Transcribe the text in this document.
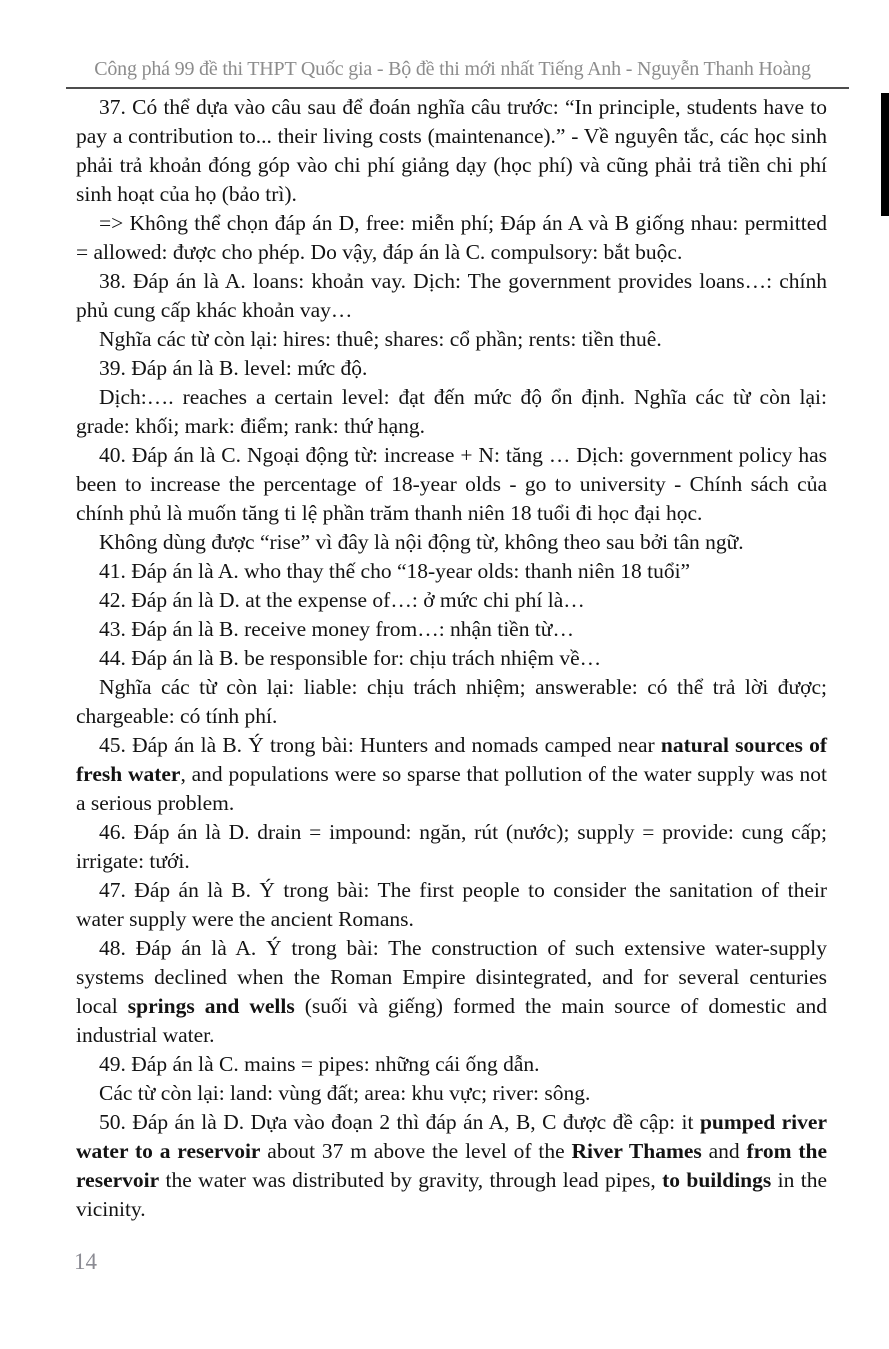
Công phá 99 đề thi THPT Quốc gia - Bộ đề thi mới nhất Tiếng Anh - Nguyễn Thanh Hoàng

37. Có thể dựa vào câu sau để đoán nghĩa câu trước: “In principle, students have to pay a contribution to... their living costs (maintenance).” - Về nguyên tắc, các học sinh phải trả khoản đóng góp vào chi phí giảng dạy (học phí) và cũng phải trả tiền chi phí sinh hoạt của họ (bảo trì).

=> Không thể chọn đáp án D, free: miễn phí; Đáp án A và B giống nhau: permitted = allowed: được cho phép. Do vậy, đáp án là C. compulsory: bắt buộc.

38. Đáp án là A. loans: khoản vay. Dịch: The government provides loans…: chính phủ cung cấp khác khoản vay…

Nghĩa các từ còn lại: hires: thuê; shares: cổ phần; rents: tiền thuê.

39. Đáp án là B. level: mức độ.

Dịch:…. reaches a certain level: đạt đến mức độ ổn định. Nghĩa các từ còn lại: grade: khối; mark: điểm; rank: thứ hạng.

40. Đáp án là C. Ngoại động từ: increase + N: tăng … Dịch: government policy has been to increase the percentage of 18-year olds - go to university - Chính sách của chính phủ là muốn tăng ti lệ phần trăm thanh niên 18 tuổi đi học đại học.

Không dùng được “rise” vì đây là nội động từ, không theo sau bởi tân ngữ.

41. Đáp án là A. who thay thế cho “18-year olds: thanh niên 18 tuổi”

42. Đáp án là D. at the expense of…: ở mức chi phí là…

43. Đáp án là B. receive money from…: nhận tiền từ…

44. Đáp án là B. be responsible for: chịu trách nhiệm về…

Nghĩa các từ còn lại: liable: chịu trách nhiệm; answerable: có thể trả lời được; chargeable: có tính phí.

45. Đáp án là B. Ý trong bài: Hunters and nomads camped near natural sources of fresh water, and populations were so sparse that pollution of the water supply was not a serious problem.

46. Đáp án là D. drain = impound: ngăn, rút (nước); supply = provide: cung cấp; irrigate: tưới.

47. Đáp án là B. Ý trong bài: The first people to consider the sanitation of their water supply were the ancient Romans.

48. Đáp án là A. Ý trong bài: The construction of such extensive water-supply systems declined when the Roman Empire disintegrated, and for several centuries local springs and wells (suối và giếng) formed the main source of domestic and industrial water.

49. Đáp án là C. mains = pipes: những cái ống dẫn.

Các từ còn lại: land: vùng đất; area: khu vực; river: sông.

50. Đáp án là D. Dựa vào đoạn 2 thì đáp án A, B, C được đề cập: it pumped river water to a reservoir about 37 m above the level of the River Thames and from the reservoir the water was distributed by gravity, through lead pipes, to buildings in the vicinity.

14
